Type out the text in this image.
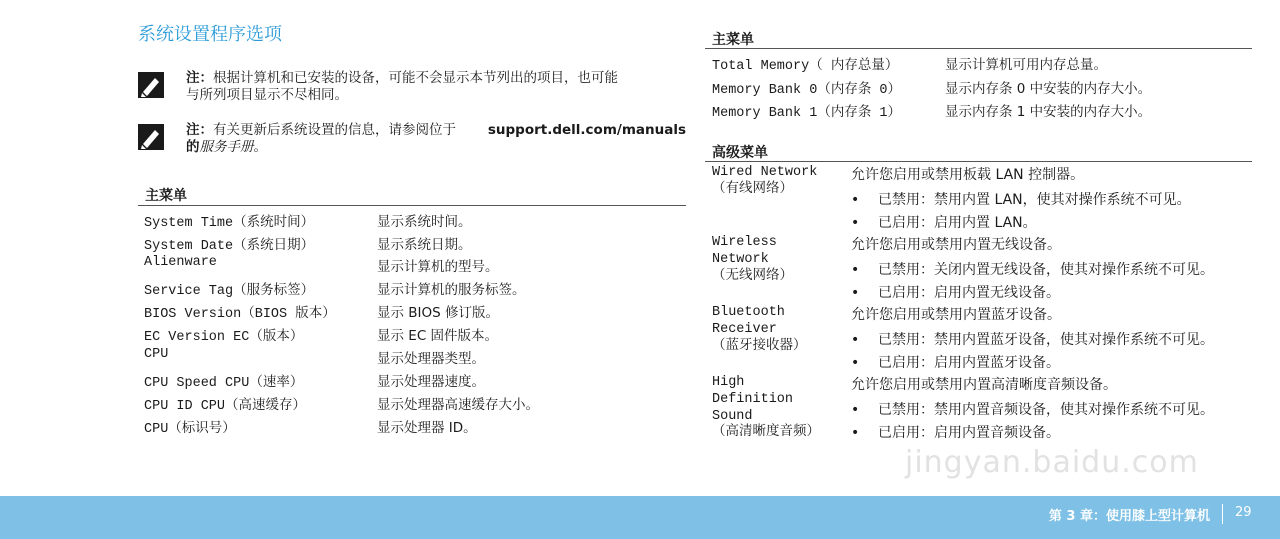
系统设置程序选项
注：根据计算机和已安装的设备，可能不会显示本节列出的项目，也可能
与所列项目显示不尽相同。
注：有关更新后系统设置的信息，请参阅位于
的服务手册。
support.dell.com/manuals
主菜单
System Time（系统时间）	显示系统时间。
System Date（系统日期）	显示系统日期。
Alienware	显示计算机的型号。
Service Tag（服务标签）	显示计算机的服务标签。
BIOS Version（BIOS 版本）	显示 BIOS 修订版。
EC Version EC（版本）	显示 EC 固件版本。
CPU	显示处理器类型。
CPU Speed CPU（速率）	显示处理器速度。
CPU ID CPU（高速缓存）	显示处理器高速缓存大小。
CPU（标识号）	显示处理器 ID。
主菜单
Total Memory（ 内存总量）	显示计算机可用内存总量。
Memory Bank 0（内存条 0）	显示内存条 0 中安装的内存大小。
Memory Bank 1（内存条 1）	显示内存条 1 中安装的内存大小。
高级菜单
Wired Network
（有线网络）
允许您启用或禁用板载 LAN 控制器。
• 已禁用：禁用内置 LAN，使其对操作系统不可见。
• 已启用：启用内置 LAN。
Wireless
Network
（无线网络）
允许您启用或禁用内置无线设备。
• 已禁用：关闭内置无线设备，使其对操作系统不可见。
• 已启用：启用内置无线设备。
Bluetooth
Receiver
（蓝牙接收器）
允许您启用或禁用内置蓝牙设备。
• 已禁用：禁用内置蓝牙设备，使其对操作系统不可见。
• 已启用：启用内置蓝牙设备。
High
Definition
Sound
（高清晰度音频）
允许您启用或禁用内置高清晰度音频设备。
• 已禁用：禁用内置音频设备，使其对操作系统不可见。
• 已启用：启用内置音频设备。
jingyan.baidu.com
第 3 章：使用膝上型计算机 29
